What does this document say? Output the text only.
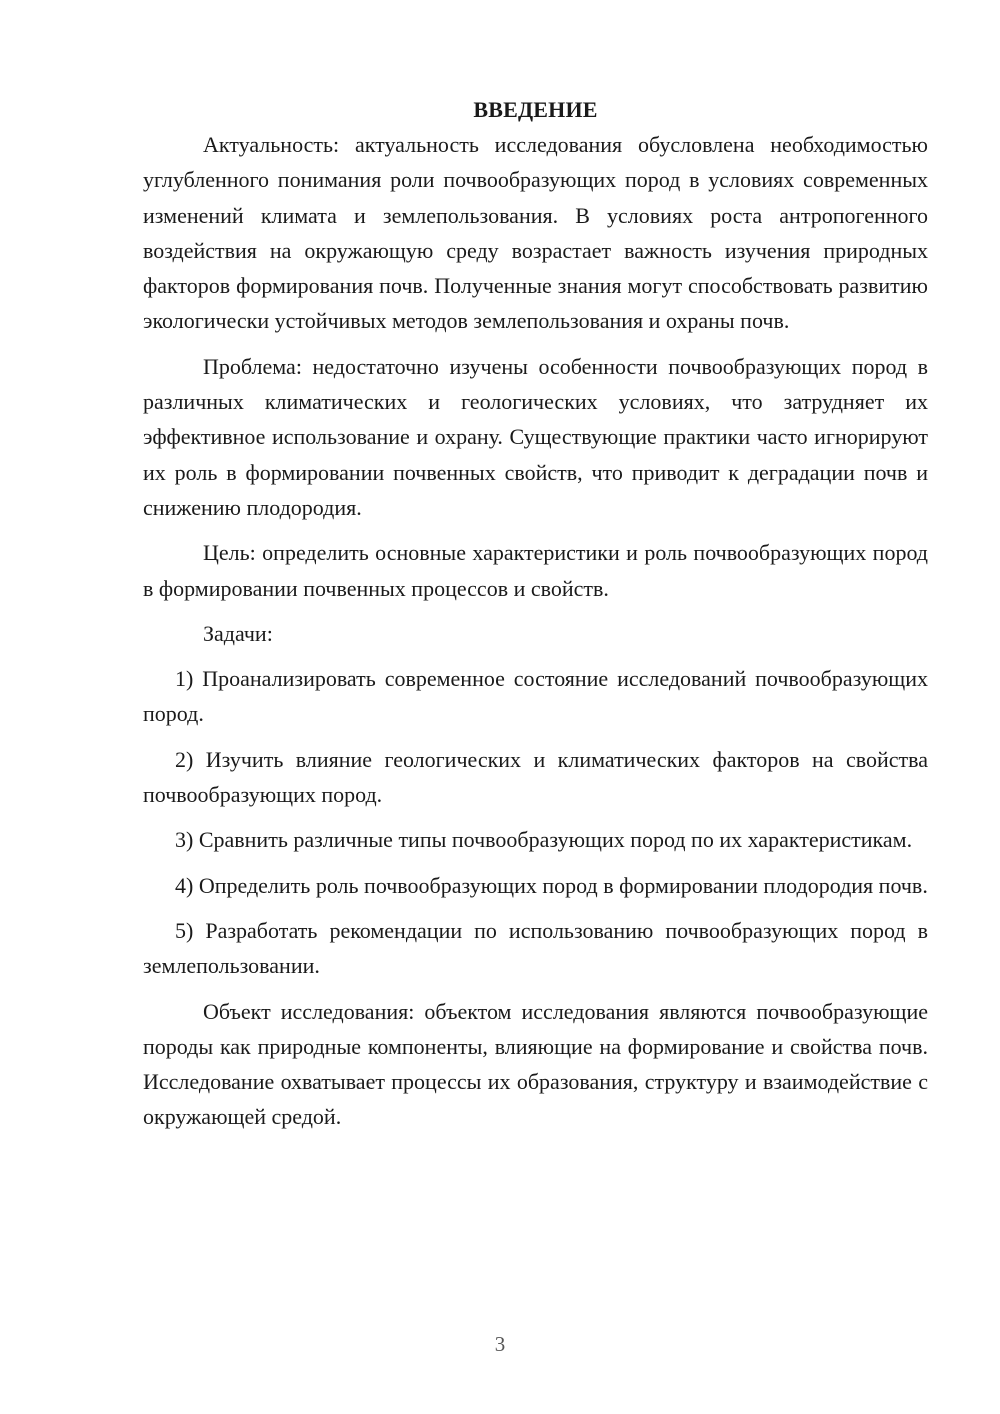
ВВЕДЕНИЕ

Актуальность: актуальность исследования обусловлена необходимостью углубленного понимания роли почвообразующих пород в условиях современных изменений климата и землепользования. В условиях роста антропогенного воздействия на окружающую среду возрастает важность изучения природных факторов формирования почв. Полученные знания могут способствовать развитию экологически устойчивых методов землепользования и охраны почв.

Проблема: недостаточно изучены особенности почвообразующих пород в различных климатических и геологических условиях, что затрудняет их эффективное использование и охрану. Существующие практики часто игнорируют их роль в формировании почвенных свойств, что приводит к деградации почв и снижению плодородия.

Цель: определить основные характеристики и роль почвообразующих пород в формировании почвенных процессов и свойств.

Задачи:

1) Проанализировать современное состояние исследований почвообразующих пород.

2) Изучить влияние геологических и климатических факторов на свойства почвообразующих пород.

3) Сравнить различные типы почвообразующих пород по их характеристикам.

4) Определить роль почвообразующих пород в формировании плодородия почв.

5) Разработать рекомендации по использованию почвообразующих пород в землепользовании.

Объект исследования: объектом исследования являются почвообразующие породы как природные компоненты, влияющие на формирование и свойства почв. Исследование охватывает процессы их образования, структуру и взаимодействие с окружающей средой.

3
